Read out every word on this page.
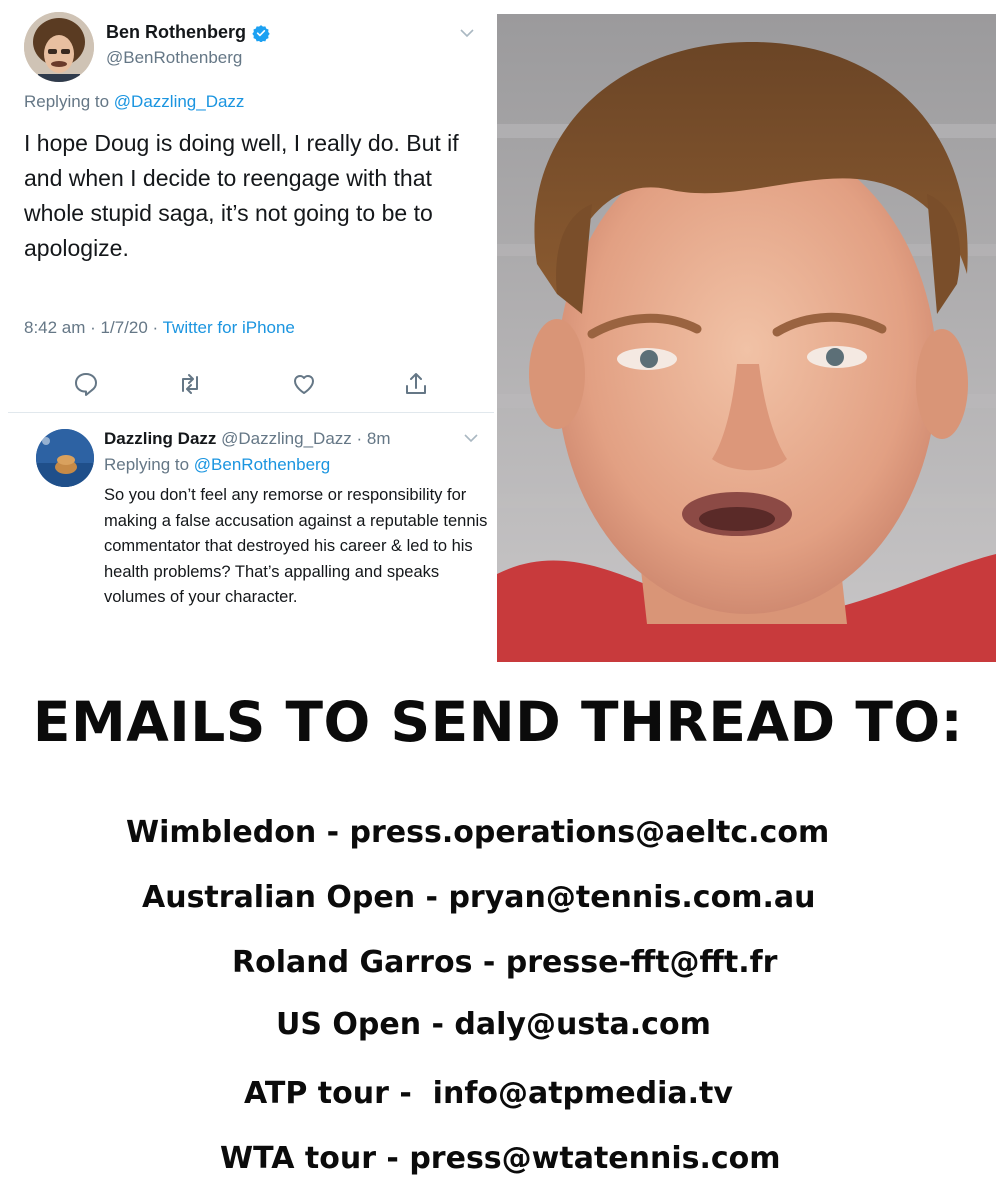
Ben Rothenberg
@BenRothenberg
Replying to @Dazzling_Dazz
I hope Doug is doing well, I really do. But if and when I decide to reengage with that whole stupid saga, it’s not going to be to apologize.
8:42 am · 1/7/20 · Twitter for iPhone
Dazzling Dazz @Dazzling_Dazz · 8m
Replying to @BenRothenberg
So you don’t feel any remorse or responsibility for making a false accusation against a reputable tennis commentator that destroyed his career & led to his health problems? That’s appalling and speaks volumes of your character.
EMAILS TO SEND THREAD TO:
Wimbledon - press.operations@aeltc.com
Australian Open - pryan@tennis.com.au
Roland Garros - presse-fft@fft.fr
US Open - daly@usta.com
ATP tour -  info@atpmedia.tv
WTA tour - press@wtatennis.com
